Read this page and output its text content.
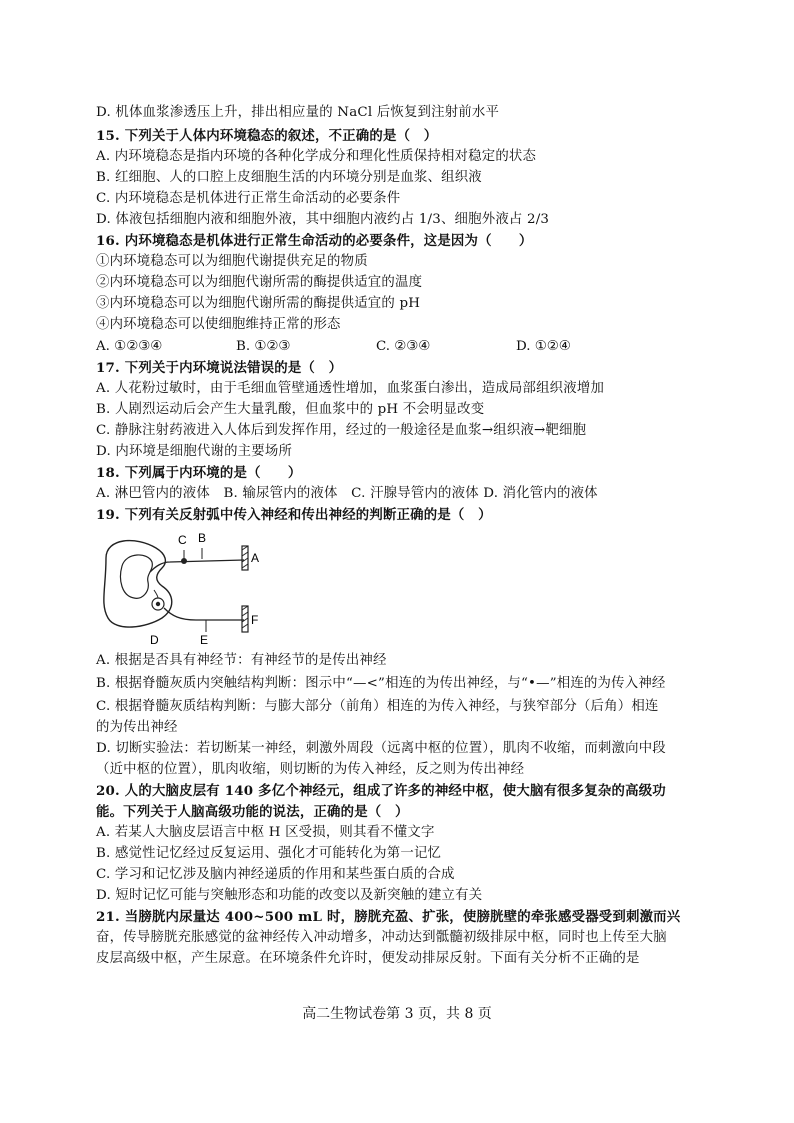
D. 机体血浆渗透压上升，排出相应量的 NaCl 后恢复到注射前水平
15. 下列关于人体内环境稳态的叙述，不正确的是（　）
A. 内环境稳态是指内环境的各种化学成分和理化性质保持相对稳定的状态
B. 红细胞、人的口腔上皮细胞生活的内环境分别是血浆、组织液
C. 内环境稳态是机体进行正常生命活动的必要条件
D. 体液包括细胞内液和细胞外液，其中细胞内液约占 1/3、细胞外液占 2/3
16. 内环境稳态是机体进行正常生命活动的必要条件，这是因为（　　）
①内环境稳态可以为细胞代谢提供充足的物质
②内环境稳态可以为细胞代谢所需的酶提供适宜的温度
③内环境稳态可以为细胞代谢所需的酶提供适宜的 pH
④内环境稳态可以使细胞维持正常的形态
A. ①②③④	B. ①②③	C. ②③④	D. ①②④
17. 下列关于内环境说法错误的是（　）
A. 人花粉过敏时，由于毛细血管壁通透性增加，血浆蛋白渗出，造成局部组织液增加
B. 人剧烈运动后会产生大量乳酸，但血浆中的 pH 不会明显改变
C. 静脉注射药液进入人体后到发挥作用，经过的一般途径是血浆→组织液→靶细胞
D. 内环境是细胞代谢的主要场所
18. 下列属于内环境的是（　　）
A. 淋巴管内的液体　B. 输尿管内的液体　C. 汗腺导管内的液体 D. 消化管内的液体
19. 下列有关反射弧中传入神经和传出神经的判断正确的是（　）
C B
A
D	E
F
A. 根据是否具有神经节：有神经节的是传出神经
B. 根据脊髓灰质内突触结构判断：图示中“—<”相连的为传出神经，与“•—”相连的为传入神经
C. 根据脊髓灰质结构判断：与膨大部分（前角）相连的为传入神经，与狭窄部分（后角）相连
的为传出神经
D. 切断实验法：若切断某一神经，刺激外周段（远离中枢的位置），肌肉不收缩，而刺激向中段
（近中枢的位置），肌肉收缩，则切断的为传入神经，反之则为传出神经
20. 人的大脑皮层有 140 多亿个神经元，组成了许多的神经中枢，使大脑有很多复杂的高级功
能。下列关于人脑高级功能的说法，正确的是（　）
A. 若某人大脑皮层语言中枢 H 区受损，则其看不懂文字
B. 感觉性记忆经过反复运用、强化才可能转化为第一记忆
C. 学习和记忆涉及脑内神经递质的作用和某些蛋白质的合成
D. 短时记忆可能与突触形态和功能的改变以及新突触的建立有关
21. 当膀胱内尿量达 400~500 mL 时，膀胱充盈、扩张，使膀胱壁的牵张感受器受到刺激而兴
奋，传导膀胱充胀感觉的盆神经传入冲动增多，冲动达到骶髓初级排尿中枢，同时也上传至大脑
皮层高级中枢，产生尿意。在环境条件允许时，便发动排尿反射。下面有关分析不正确的是
高二生物试卷第 3 页，共 8 页
